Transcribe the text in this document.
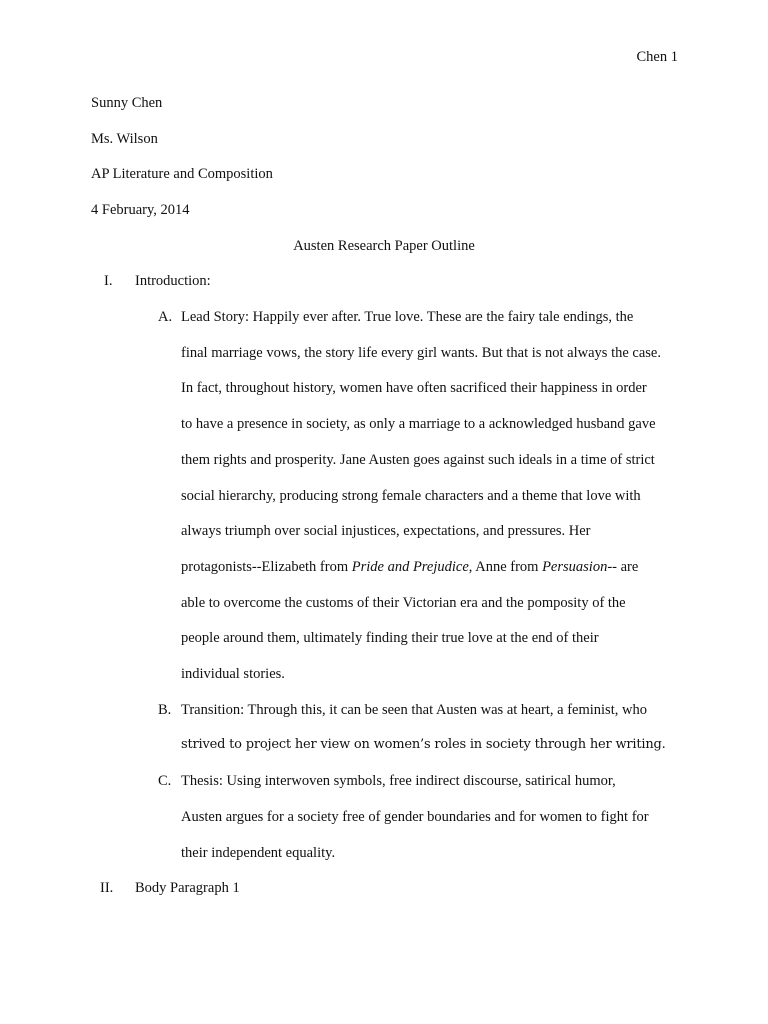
Chen 1
Sunny Chen
Ms. Wilson
AP Literature and Composition
4 February, 2014
Austen Research Paper Outline
I.	Introduction:
A. Lead Story: Happily ever after. True love. These are the fairy tale endings, the
final marriage vows, the story life every girl wants. But that is not always the case.
In fact, throughout history, women have often sacrificed their happiness in order
to have a presence in society, as only a marriage to a acknowledged husband gave
them rights and prosperity. Jane Austen goes against such ideals in a time of strict
social hierarchy, producing strong female characters and a theme that love with
always triumph over social injustices, expectations, and pressures. Her
protagonists--Elizabeth from Pride and Prejudice, Anne from Persuasion-- are
able to overcome the customs of their Victorian era and the pomposity of the
people around them, ultimately finding their true love at the end of their
individual stories.
B. Transition: Through this, it can be seen that Austen was at heart, a feminist, who
strived to project her view on women’s roles in society through her writing.
C. Thesis: Using interwoven symbols, free indirect discourse, satirical humor,
Austen argues for a society free of gender boundaries and for women to fight for
their independent equality.
II.	Body Paragraph 1
